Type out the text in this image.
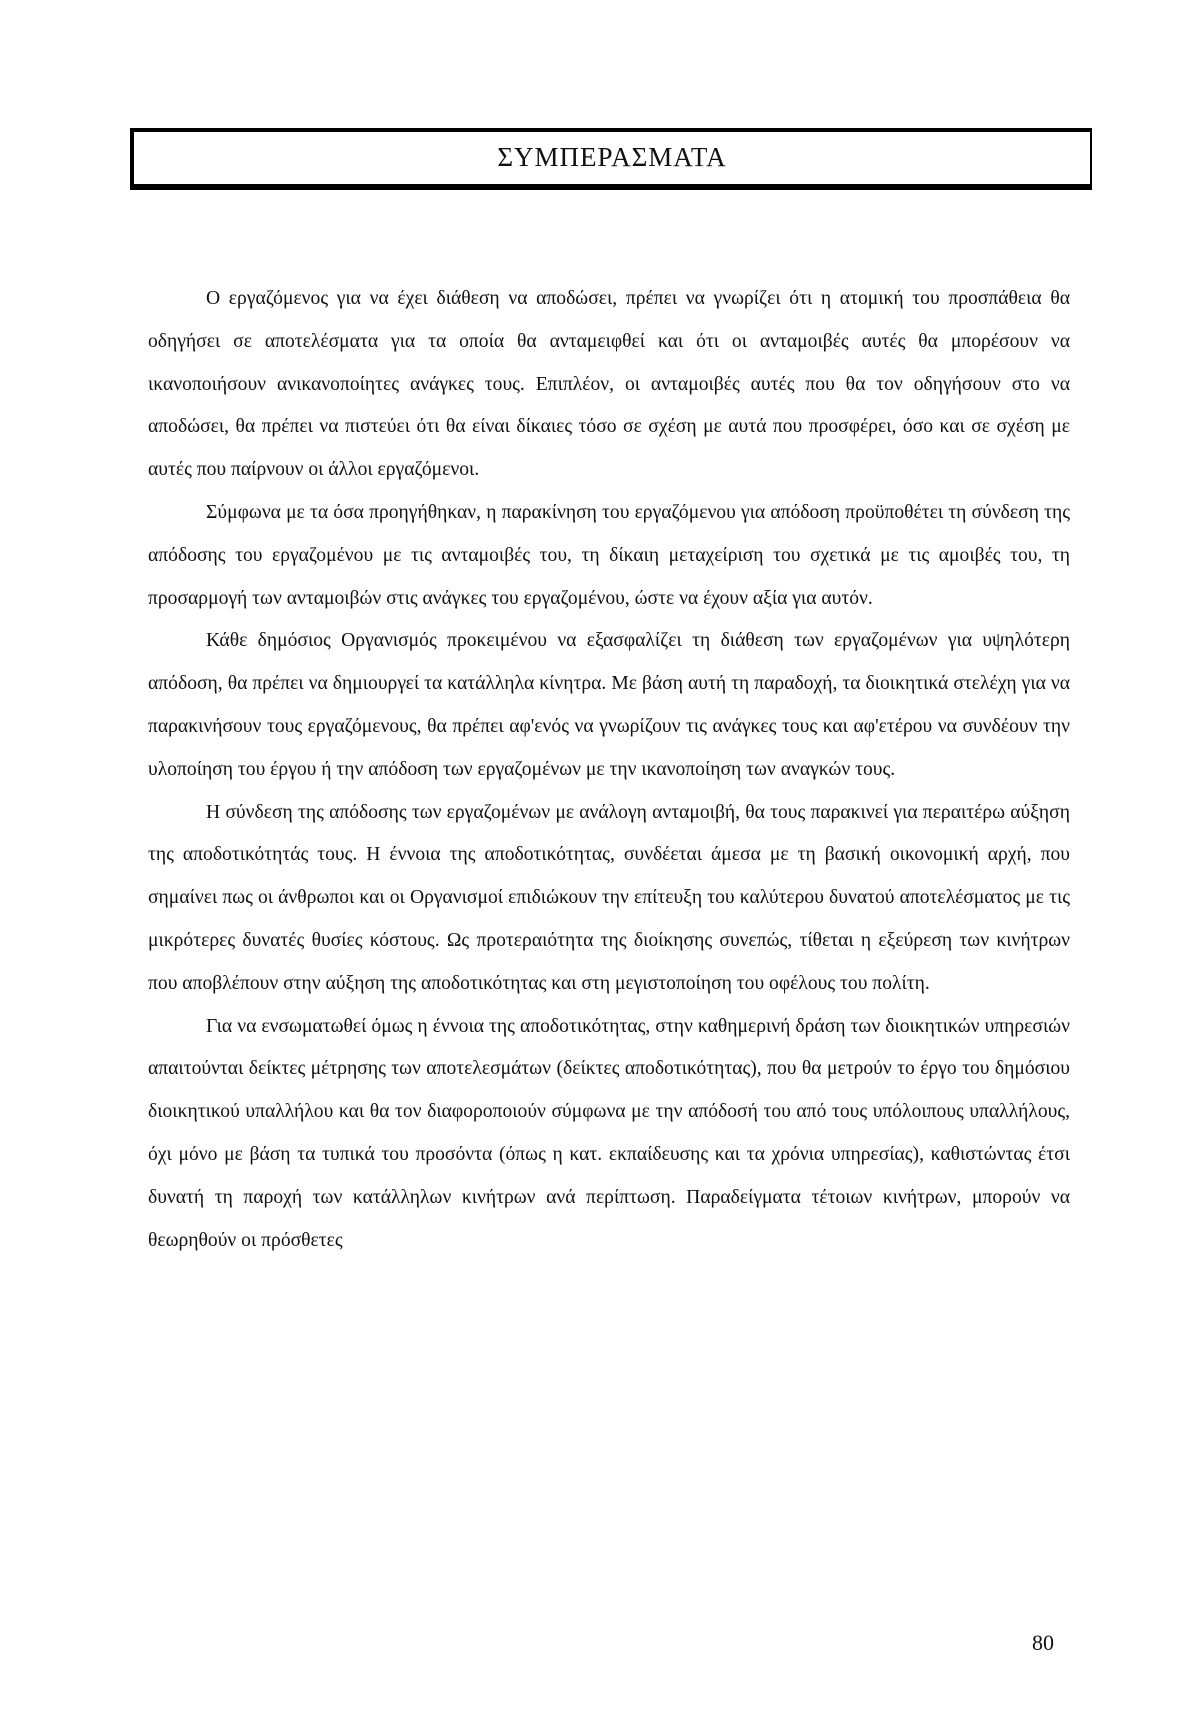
ΣΥΜΠΕΡΑΣΜΑΤΑ

Ο εργαζόμενος για να έχει διάθεση να αποδώσει, πρέπει να γνωρίζει ότι η ατομική του προσπάθεια θα οδηγήσει σε αποτελέσματα για τα οποία θα ανταμειφθεί και ότι οι ανταμοιβές αυτές θα μπορέσουν να ικανοποιήσουν ανικανοποίητες ανάγκες τους. Επιπλέον, οι ανταμοιβές αυτές που θα τον οδηγήσουν στο να αποδώσει, θα πρέπει να πιστεύει ότι θα είναι δίκαιες τόσο σε σχέση με αυτά που προσφέρει, όσο και σε σχέση με αυτές που παίρνουν οι άλλοι εργαζόμενοι.

Σύμφωνα με τα όσα προηγήθηκαν, η παρακίνηση του εργαζόμενου για απόδοση προϋποθέτει τη σύνδεση της απόδοσης του εργαζομένου με τις ανταμοιβές του, τη δίκαιη μεταχείριση του σχετικά με τις αμοιβές του, τη προσαρμογή των ανταμοιβών στις ανάγκες του εργαζομένου, ώστε να έχουν αξία για αυτόν.

Κάθε δημόσιος Οργανισμός προκειμένου να εξασφαλίζει τη διάθεση των εργαζομένων για υψηλότερη απόδοση, θα πρέπει να δημιουργεί τα κατάλληλα κίνητρα. Με βάση αυτή τη παραδοχή, τα διοικητικά στελέχη για να παρακινήσουν τους εργαζόμενους, θα πρέπει αφ'ενός να γνωρίζουν τις ανάγκες τους και αφ'ετέρου να συνδέουν την υλοποίηση του έργου ή την απόδοση των εργαζομένων με την ικανοποίηση των αναγκών τους.

Η σύνδεση της απόδοσης των εργαζομένων με ανάλογη ανταμοιβή, θα τους παρακινεί για περαιτέρω αύξηση της αποδοτικότητάς τους. Η έννοια της αποδοτικότητας, συνδέεται άμεσα με τη βασική οικονομική αρχή, που σημαίνει πως οι άνθρωποι και οι Οργανισμοί επιδιώκουν την επίτευξη του καλύτερου δυνατού αποτελέσματος με τις μικρότερες δυνατές θυσίες κόστους. Ως προτεραιότητα της διοίκησης συνεπώς, τίθεται η εξεύρεση των κινήτρων που αποβλέπουν στην αύξηση της αποδοτικότητας και στη μεγιστοποίηση του οφέλους του πολίτη.

Για να ενσωματωθεί όμως η έννοια της αποδοτικότητας, στην καθημερινή δράση των διοικητικών υπηρεσιών απαιτούνται δείκτες μέτρησης των αποτελεσμάτων (δείκτες αποδοτικότητας), που θα μετρούν το έργο του δημόσιου διοικητικού υπαλλήλου και θα τον διαφοροποιούν σύμφωνα με την απόδοσή του από τους υπόλοιπους υπαλλήλους, όχι μόνο με βάση τα τυπικά του προσόντα (όπως η κατ. εκπαίδευσης και τα χρόνια υπηρεσίας), καθιστώντας έτσι δυνατή τη παροχή των κατάλληλων κινήτρων ανά περίπτωση. Παραδείγματα τέτοιων κινήτρων, μπορούν να θεωρηθούν οι πρόσθετες

80
